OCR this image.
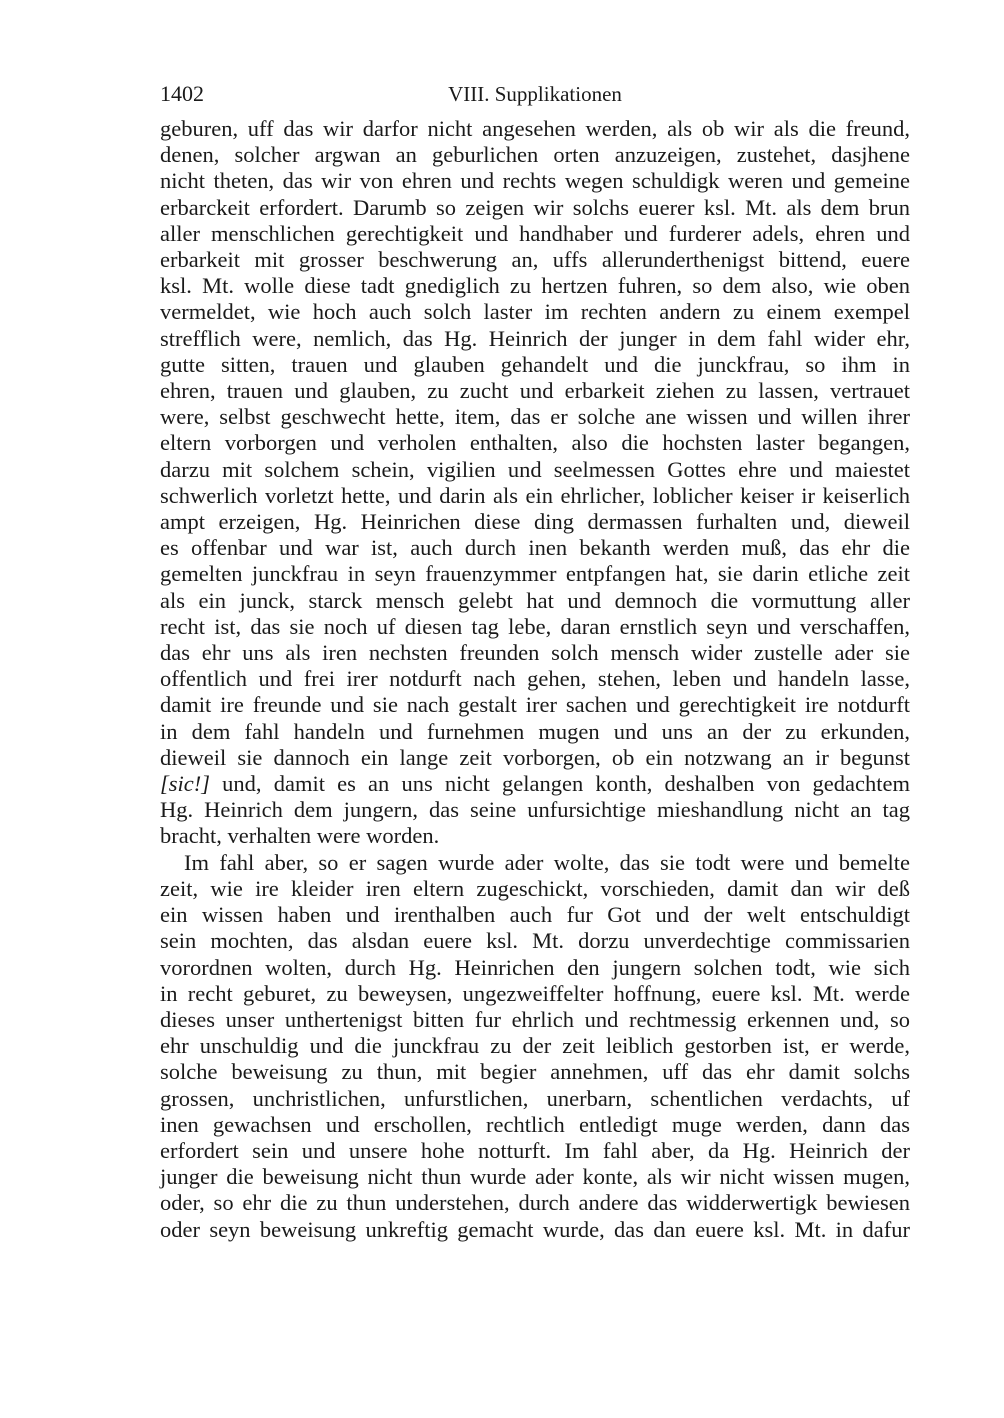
1402	VIII. Supplikationen
geburen, uff das wir darfor nicht angesehen werden, als ob wir als die freund,
denen, solcher argwan an geburlichen orten anzuzeigen, zustehet, dasjhene
nicht theten, das wir von ehren und rechts wegen schuldigk weren und gemeine
erbarckeit erfordert. Darumb so zeigen wir solchs euerer ksl. Mt. als dem brun
aller menschlichen gerechtigkeit und handhaber und furderer adels, ehren und
erbarkeit mit grosser beschwerung an, uffs allerunderthenigst bittend, euere
ksl. Mt. wolle diese tadt gnediglich zu hertzen fuhren, so dem also, wie oben
vermeldet, wie hoch auch solch laster im rechten andern zu einem exempel
strefflich were, nemlich, das Hg. Heinrich der junger in dem fahl wider ehr,
gutte sitten, trauen und glauben gehandelt und die junckfrau, so ihm in
ehren, trauen und glauben, zu zucht und erbarkeit ziehen zu lassen, vertrauet
were, selbst geschwecht hette, item, das er solche ane wissen und willen ihrer
eltern vorborgen und verholen enthalten, also die hochsten laster begangen,
darzu mit solchem schein, vigilien und seelmessen Gottes ehre und maiestet
schwerlich vorletzt hette, und darin als ein ehrlicher, loblicher keiser ir keiserlich
ampt erzeigen, Hg. Heinrichen diese ding dermassen furhalten und, dieweil
es offenbar und war ist, auch durch inen bekanth werden muß, das ehr die
gemelten junckfrau in seyn frauenzymmer entpfangen hat, sie darin etliche zeit
als ein junck, starck mensch gelebt hat und demnoch die vormuttung aller
recht ist, das sie noch uf diesen tag lebe, daran ernstlich seyn und verschaffen,
das ehr uns als iren nechsten freunden solch mensch wider zustelle ader sie
offentlich und frei irer notdurft nach gehen, stehen, leben und handeln lasse,
damit ire freunde und sie nach gestalt irer sachen und gerechtigkeit ire notdurft
in dem fahl handeln und furnehmen mugen und uns an der zu erkunden,
dieweil sie dannoch ein lange zeit vorborgen, ob ein notzwang an ir begunst
[sic!] und, damit es an uns nicht gelangen konth, deshalben von gedachtem
Hg. Heinrich dem jungern, das seine unfursichtige mieshandlung nicht an tag
bracht, verhalten were worden.
Im fahl aber, so er sagen wurde ader wolte, das sie todt were und bemelte
zeit, wie ire kleider iren eltern zugeschickt, vorschieden, damit dan wir deß
ein wissen haben und irenthalben auch fur Got und der welt entschuldigt
sein mochten, das alsdan euere ksl. Mt. dorzu unverdechtige commissarien
vorordnen wolten, durch Hg. Heinrichen den jungern solchen todt, wie sich
in recht geburet, zu beweysen, ungezweiffelter hoffnung, euere ksl. Mt. werde
dieses unser unthertenigst bitten fur ehrlich und rechtmessig erkennen und, so
ehr unschuldig und die junckfrau zu der zeit leiblich gestorben ist, er werde,
solche beweisung zu thun, mit begier annehmen, uff das ehr damit solchs
grossen, unchristlichen, unfurstlichen, unerbarn, schentlichen verdachts, uf
inen gewachsen und erschollen, rechtlich entledigt muge werden, dann das
erfordert sein und unsere hohe notturft. Im fahl aber, da Hg. Heinrich der
junger die beweisung nicht thun wurde ader konte, als wir nicht wissen mugen,
oder, so ehr die zu thun understehen, durch andere das widderwertigk bewiesen
oder seyn beweisung unkreftig gemacht wurde, das dan euere ksl. Mt. in dafur
